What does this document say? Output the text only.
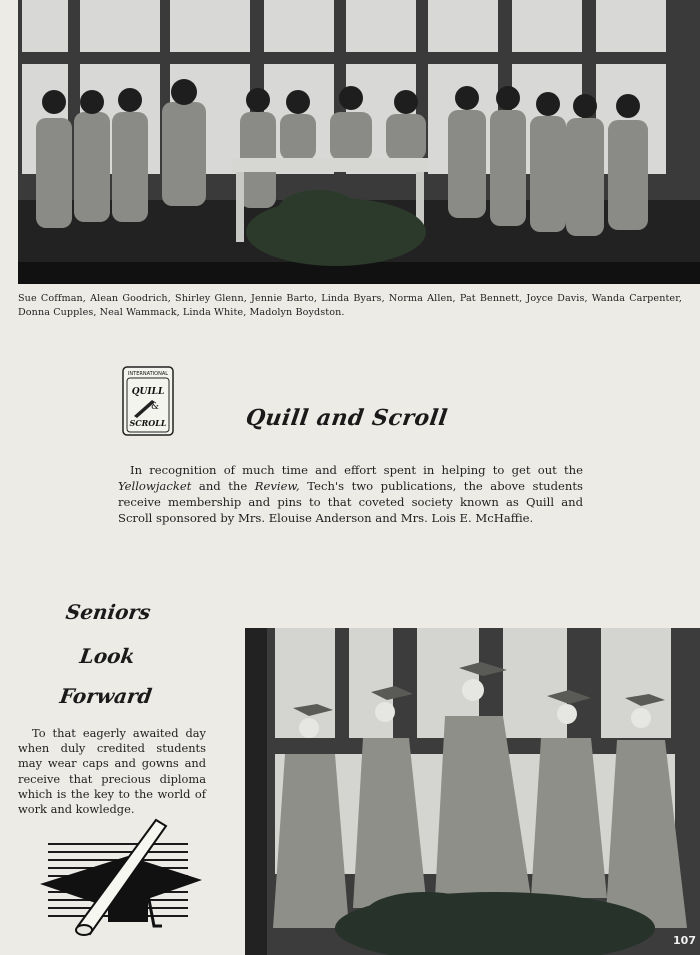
Sue Coffman, Alean Goodrich, Shirley Glenn, Jennie Barto, Linda Byars, Norma Allen, Pat Bennett, Joyce Davis, Wanda Carpenter, Donna Cupples, Neal Wammack, Linda White, Madolyn Boydston.
INTERNATIONAL
QUILL
&
SCROLL	Quill and Scroll
In recognition of much time and effort spent in helping to get out the Yellowjacket and the Review, Tech's two publications, the above students receive membership and pins to that coveted society known as Quill and Scroll sponsored by Mrs. Elouise Anderson and Mrs. Lois E. McHaffie.
Seniors
Look
Forward
To that eagerly awaited day when duly credited students may wear caps and gowns and receive that precious diploma which is the key to the world of work and kowledge.
107
